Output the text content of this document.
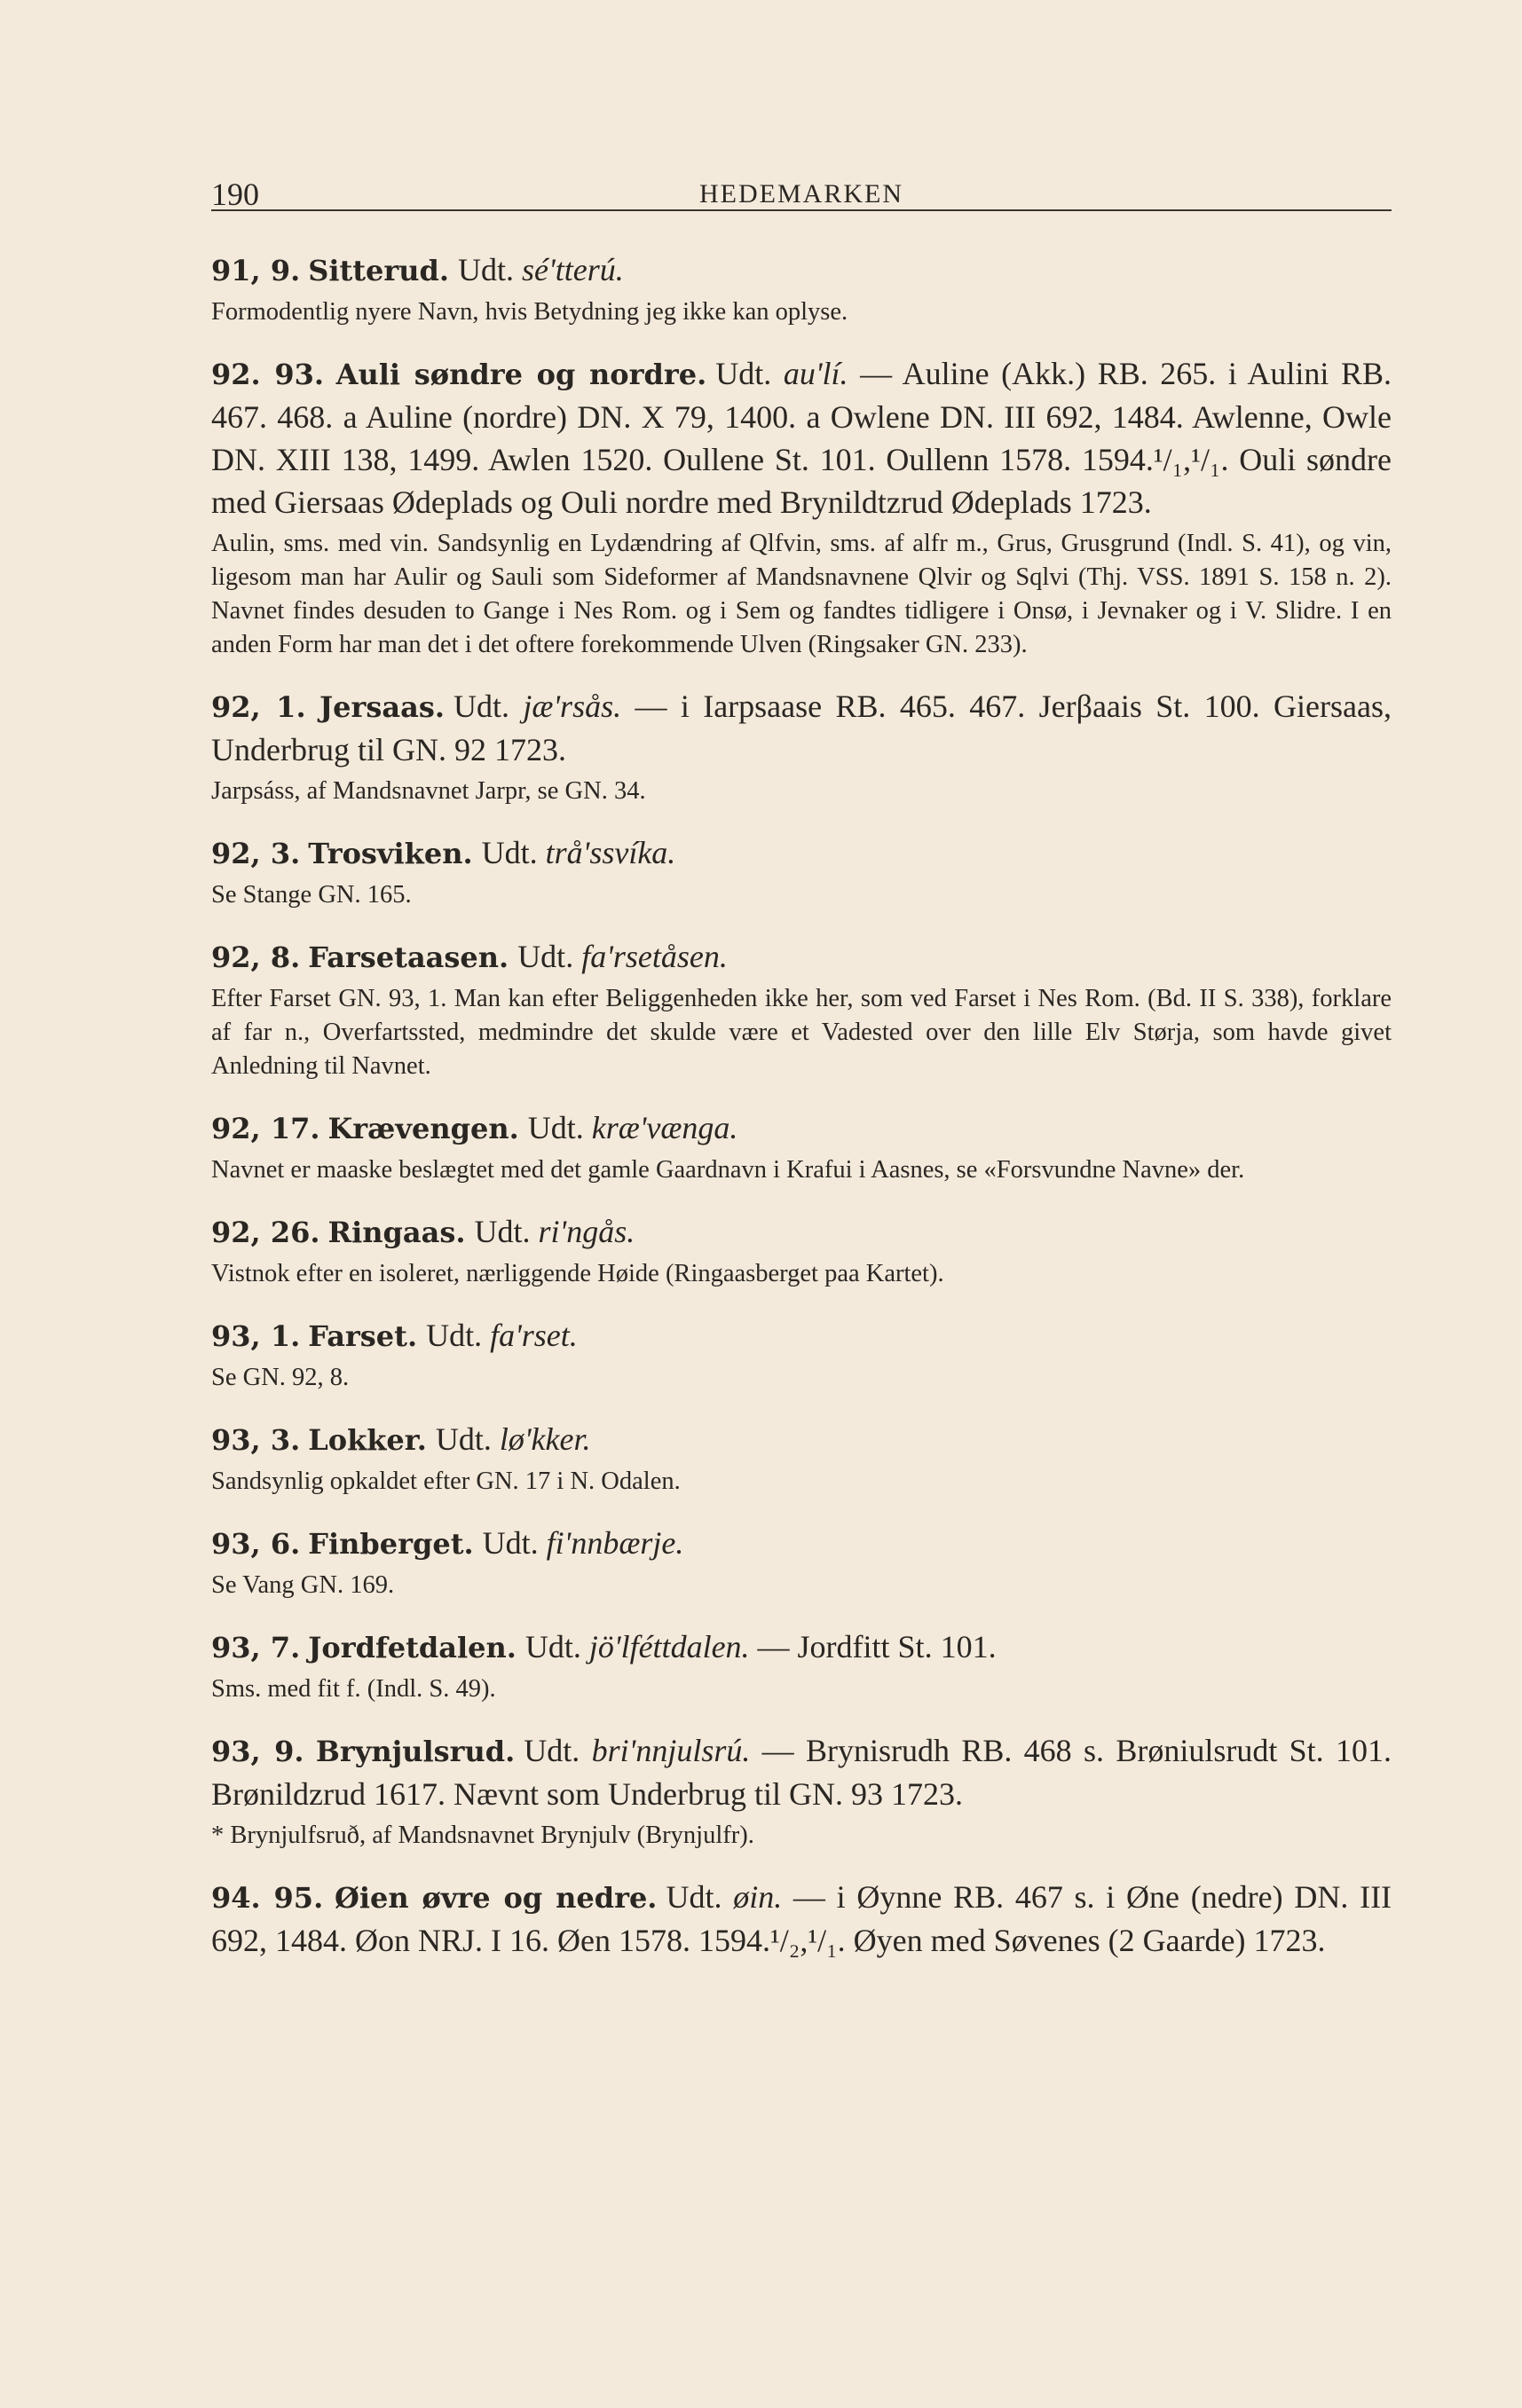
190	HEDEMARKEN

91, 9. Sitterud. Udt. sé'tterú.

Formodentlig nyere Navn, hvis Betydning jeg ikke kan oplyse.

92. 93. Auli søndre og nordre. Udt. au'lí. — Auline (Akk.) RB. 265. i Aulini RB. 467. 468. a Auline (nordre) DN. X 79, 1400. a Owlene DN. III 692, 1484. Awlenne, Owle DN. XIII 138, 1499. Awlen 1520. Oullene St. 101. Oullenn 1578. 1594.¹/₁,¹/₁. Ouli søndre med Giersaas Ødeplads og Ouli nordre med Brynildtzrud Ødeplads 1723.

Aulin, sms. med vin. Sandsynlig en Lydændring af Qlfvin, sms. af alfr m., Grus, Grusgrund (Indl. S. 41), og vin, ligesom man har Aulir og Sauli som Sideformer af Mandsnavnene Qlvir og Sqlvi (Thj. VSS. 1891 S. 158 n. 2). Navnet findes desuden to Gange i Nes Rom. og i Sem og fandtes tidligere i Onsø, i Jevnaker og i V. Slidre. I en anden Form har man det i det oftere forekommende Ulven (Ringsaker GN. 233).

92, 1. Jersaas. Udt. jæ'rsås. — i Iarpsaase RB. 465. 467. Jerβaais St. 100. Giersaas, Underbrug til GN. 92 1723.

Jarpsáss, af Mandsnavnet Jarpr, se GN. 34.

92, 3. Trosviken. Udt. trå'ssvíka.

Se Stange GN. 165.

92, 8. Farsetaasen. Udt. fa'rsetåsen.

Efter Farset GN. 93, 1. Man kan efter Beliggenheden ikke her, som ved Farset i Nes Rom. (Bd. II S. 338), forklare af far n., Overfartssted, medmindre det skulde være et Vadested over den lille Elv Størja, som havde givet Anledning til Navnet.

92, 17. Krævengen. Udt. kræ'vænga.

Navnet er maaske beslægtet med det gamle Gaardnavn i Krafui i Aasnes, se «Forsvundne Navne» der.

92, 26. Ringaas. Udt. ri'ngås.

Vistnok efter en isoleret, nærliggende Høide (Ringaasberget paa Kartet).

93, 1. Farset. Udt. fa'rset.

Se GN. 92, 8.

93, 3. Lokker. Udt. lø'kker.

Sandsynlig opkaldet efter GN. 17 i N. Odalen.

93, 6. Finberget. Udt. fi'nnbærje.

Se Vang GN. 169.

93, 7. Jordfetdalen. Udt. jö'lféttdalen. — Jordfitt St. 101.

Sms. med fit f. (Indl. S. 49).

93, 9. Brynjulsrud. Udt. bri'nnjulsrú. — Brynisrudh RB. 468 s. Brøniulsrudt St. 101. Brønildzrud 1617. Nævnt som Underbrug til GN. 93 1723.

* Brynjulfsruð, af Mandsnavnet Brynjulv (Brynjulfr).

94. 95. Øien øvre og nedre. Udt. øin. — i Øynne RB. 467 s. i Øne (nedre) DN. III 692, 1484. Øon NRJ. I 16. Øen 1578. 1594.¹/₂,¹/₁. Øyen med Søvenes (2 Gaarde) 1723.
